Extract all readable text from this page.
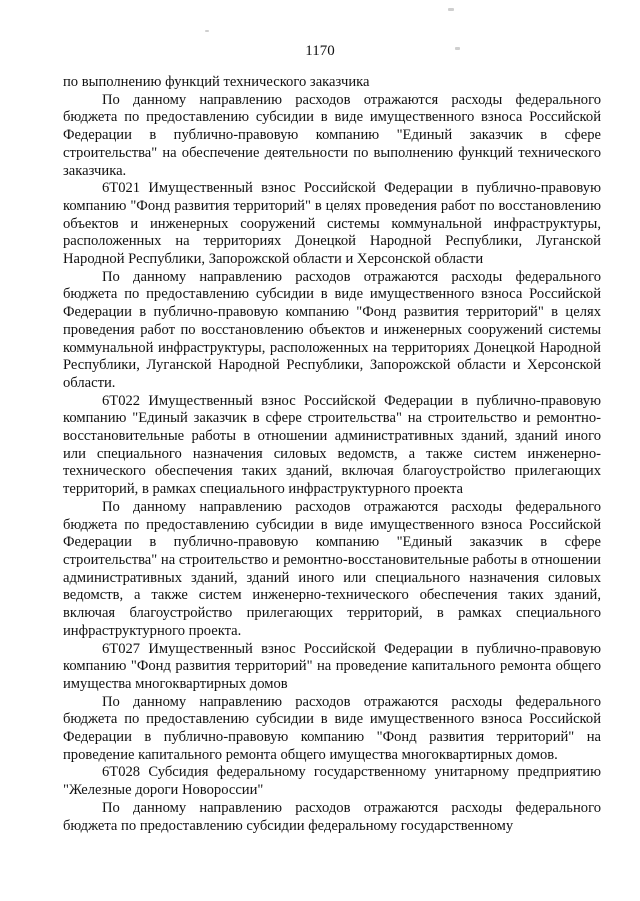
1170

по выполнению функций технического заказчика

По данному направлению расходов отражаются расходы федерального бюджета по предоставлению субсидии в виде имущественного взноса Российской Федерации в публично-правовую компанию "Единый заказчик в сфере строительства" на обеспечение деятельности по выполнению функций технического заказчика.

6Т021 Имущественный взнос Российской Федерации в публично-правовую компанию "Фонд развития территорий" в целях проведения работ по восстановлению объектов и инженерных сооружений системы коммунальной инфраструктуры, расположенных на территориях Донецкой Народной Республики, Луганской Народной Республики, Запорожской области и Херсонской области

По данному направлению расходов отражаются расходы федерального бюджета по предоставлению субсидии в виде имущественного взноса Российской Федерации в публично-правовую компанию "Фонд развития территорий" в целях проведения работ по восстановлению объектов и инженерных сооружений системы коммунальной инфраструктуры, расположенных на территориях Донецкой Народной Республики, Луганской Народной Республики, Запорожской области и Херсонской области.

6Т022 Имущественный взнос Российской Федерации в публично-правовую компанию "Единый заказчик в сфере строительства" на строительство и ремонтно-восстановительные работы в отношении административных зданий, зданий иного или специального назначения силовых ведомств, а также систем инженерно-технического обеспечения таких зданий, включая благоустройство прилегающих территорий, в рамках специального инфраструктурного проекта

По данному направлению расходов отражаются расходы федерального бюджета по предоставлению субсидии в виде имущественного взноса Российской Федерации в публично-правовую компанию "Единый заказчик в сфере строительства" на строительство и ремонтно-восстановительные работы в отношении административных зданий, зданий иного или специального назначения силовых ведомств, а также систем инженерно-технического обеспечения таких зданий, включая благоустройство прилегающих территорий, в рамках специального инфраструктурного проекта.

6Т027 Имущественный взнос Российской Федерации в публично-правовую компанию "Фонд развития территорий" на проведение капитального ремонта общего имущества многоквартирных домов

По данному направлению расходов отражаются расходы федерального бюджета по предоставлению субсидии в виде имущественного взноса Российской Федерации в публично-правовую компанию "Фонд развития территорий" на проведение капитального ремонта общего имущества многоквартирных домов.

6Т028 Субсидия федеральному государственному унитарному предприятию "Железные дороги Новороссии"

По данному направлению расходов отражаются расходы федерального бюджета по предоставлению субсидии федеральному государственному
